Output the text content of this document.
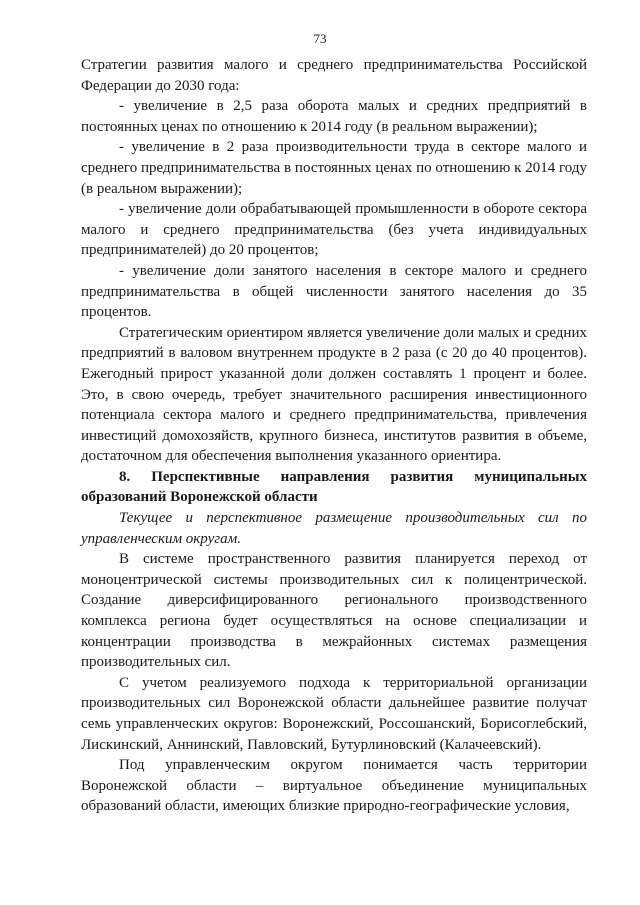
73

Стратегии развития малого и среднего предпринимательства Российской Федерации до 2030 года:

- увеличение в 2,5 раза оборота малых и средних предприятий в постоянных ценах по отношению к 2014 году (в реальном выражении);

- увеличение в 2 раза производительности труда в секторе малого и среднего предпринимательства в постоянных ценах по отношению к 2014 году (в реальном выражении);

- увеличение доли обрабатывающей промышленности в обороте сектора малого и среднего предпринимательства (без учета индивидуальных предпринимателей) до 20 процентов;

- увеличение доли занятого населения в секторе малого и среднего предпринимательства в общей численности занятого населения до 35 процентов.

Стратегическим ориентиром является увеличение доли малых и средних предприятий в валовом внутреннем продукте в 2 раза (с 20 до 40 процентов). Ежегодный прирост указанной доли должен составлять 1 процент и более. Это, в свою очередь, требует значительного расширения инвестиционного потенциала сектора малого и среднего предпринимательства, привлечения инвестиций домохозяйств, крупного бизнеса, институтов развития в объеме, достаточном для обеспечения выполнения указанного ориентира.

8. Перспективные направления развития муниципальных образований Воронежской области

Текущее и перспективное размещение производительных сил по управленческим округам.

В системе пространственного развития планируется переход от моноцентрической системы производительных сил к полицентрической. Создание диверсифицированного регионального производственного комплекса региона будет осуществляться на основе специализации и концентрации производства в межрайонных системах размещения производительных сил.

С учетом реализуемого подхода к территориальной организации производительных сил Воронежской области дальнейшее развитие получат семь управленческих округов: Воронежский, Россошанский, Борисоглебский, Лискинский, Аннинский, Павловский, Бутурлиновский (Калачеевский).

Под управленческим округом понимается часть территории Воронежской области – виртуальное объединение муниципальных образований области, имеющих близкие природно-географические условия,
